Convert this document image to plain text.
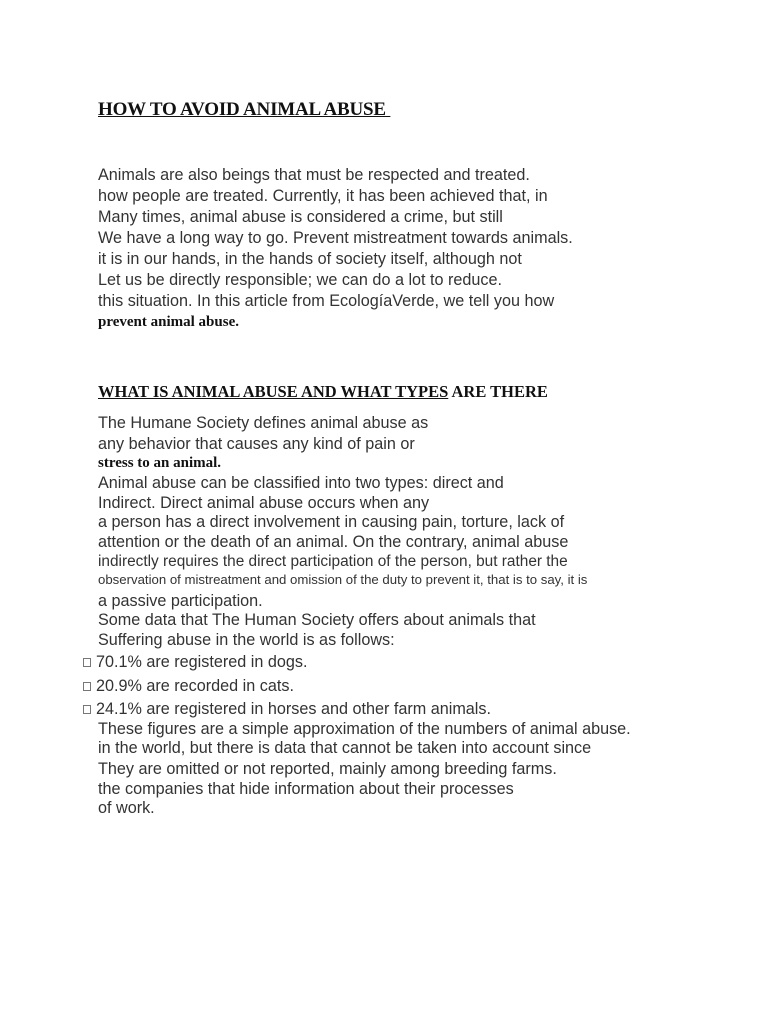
HOW TO AVOID ANIMAL ABUSE
Animals are also beings that must be respected and treated.
how people are treated. Currently, it has been achieved that, in
Many times, animal abuse is considered a crime, but still
We have a long way to go. Prevent mistreatment towards animals.
it is in our hands, in the hands of society itself, although not
Let us be directly responsible; we can do a lot to reduce.
this situation. In this article from EcologíaVerde, we tell you how
prevent animal abuse.
WHAT IS ANIMAL ABUSE AND WHAT TYPES ARE THERE
The Humane Society defines animal abuse as
any behavior that causes any kind of pain or
stress to an animal.
Animal abuse can be classified into two types: direct and
Indirect. Direct animal abuse occurs when any
a person has a direct involvement in causing pain, torture, lack of
attention or the death of an animal. On the contrary, animal abuse
indirectly requires the direct participation of the person, but rather the
observation of mistreatment and omission of the duty to prevent it, that is to say, it is
a passive participation.
Some data that The Human Society offers about animals that
Suffering abuse in the world is as follows:
70.1% are registered in dogs.
20.9% are recorded in cats.
24.1% are registered in horses and other farm animals.
These figures are a simple approximation of the numbers of animal abuse.
in the world, but there is data that cannot be taken into account since
They are omitted or not reported, mainly among breeding farms.
the companies that hide information about their processes
of work.
